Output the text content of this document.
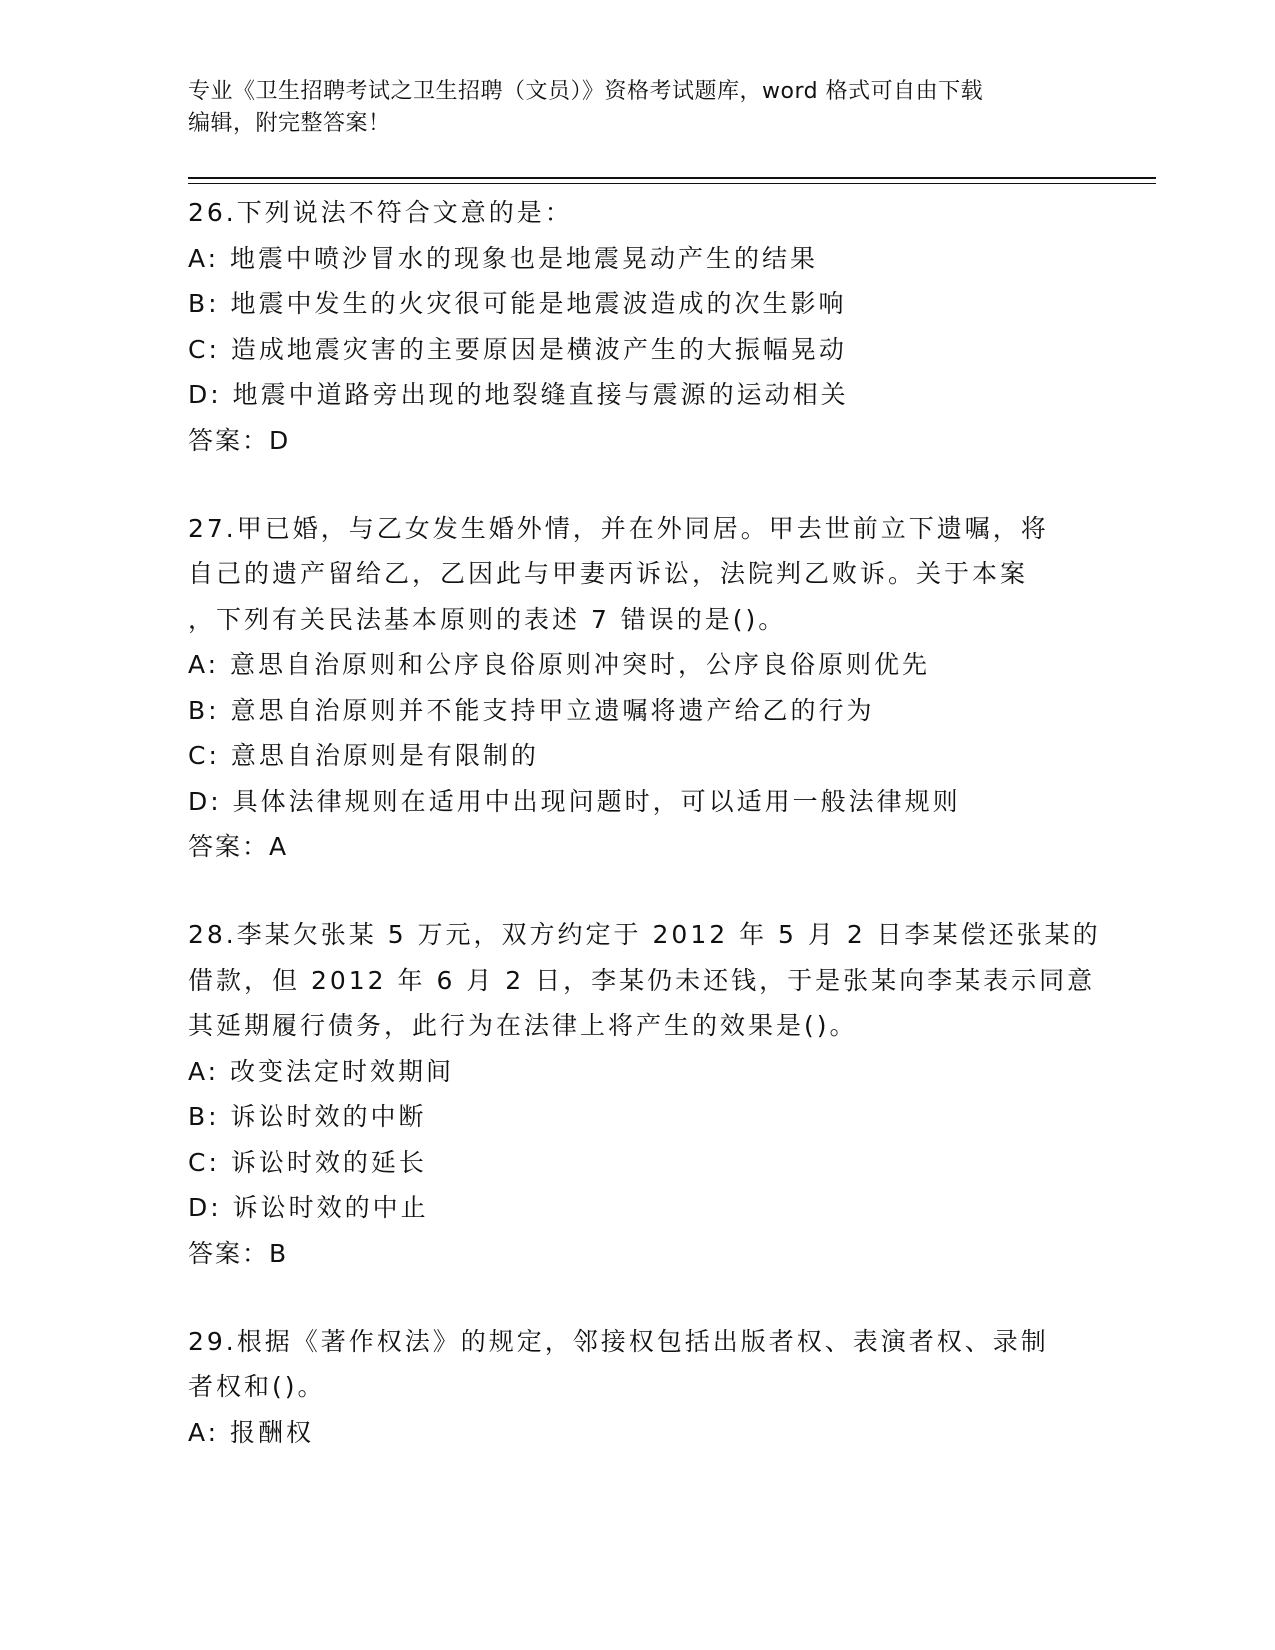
专业《卫生招聘考试之卫生招聘（文员）》资格考试题库，word 格式可自由下载
编辑，附完整答案！
26.下列说法不符合文意的是：
A: 地震中喷沙冒水的现象也是地震晃动产生的结果
B: 地震中发生的火灾很可能是地震波造成的次生影响
C: 造成地震灾害的主要原因是横波产生的大振幅晃动
D: 地震中道路旁出现的地裂缝直接与震源的运动相关
答案：D
27.甲已婚，与乙女发生婚外情，并在外同居。甲去世前立下遗嘱，将
自己的遗产留给乙，乙因此与甲妻丙诉讼，法院判乙败诉。关于本案
，下列有关民法基本原则的表述 7 错误的是()。
A: 意思自治原则和公序良俗原则冲突时，公序良俗原则优先
B: 意思自治原则并不能支持甲立遗嘱将遗产给乙的行为
C: 意思自治原则是有限制的
D: 具体法律规则在适用中出现问题时，可以适用一般法律规则
答案：A
28.李某欠张某 5 万元，双方约定于 2012 年 5 月 2 日李某偿还张某的
借款，但 2012 年 6 月 2 日，李某仍未还钱，于是张某向李某表示同意
其延期履行债务，此行为在法律上将产生的效果是()。
A: 改变法定时效期间
B: 诉讼时效的中断
C: 诉讼时效的延长
D: 诉讼时效的中止
答案：B
29.根据《著作权法》的规定，邻接权包括出版者权、表演者权、录制
者权和()。
A: 报酬权
